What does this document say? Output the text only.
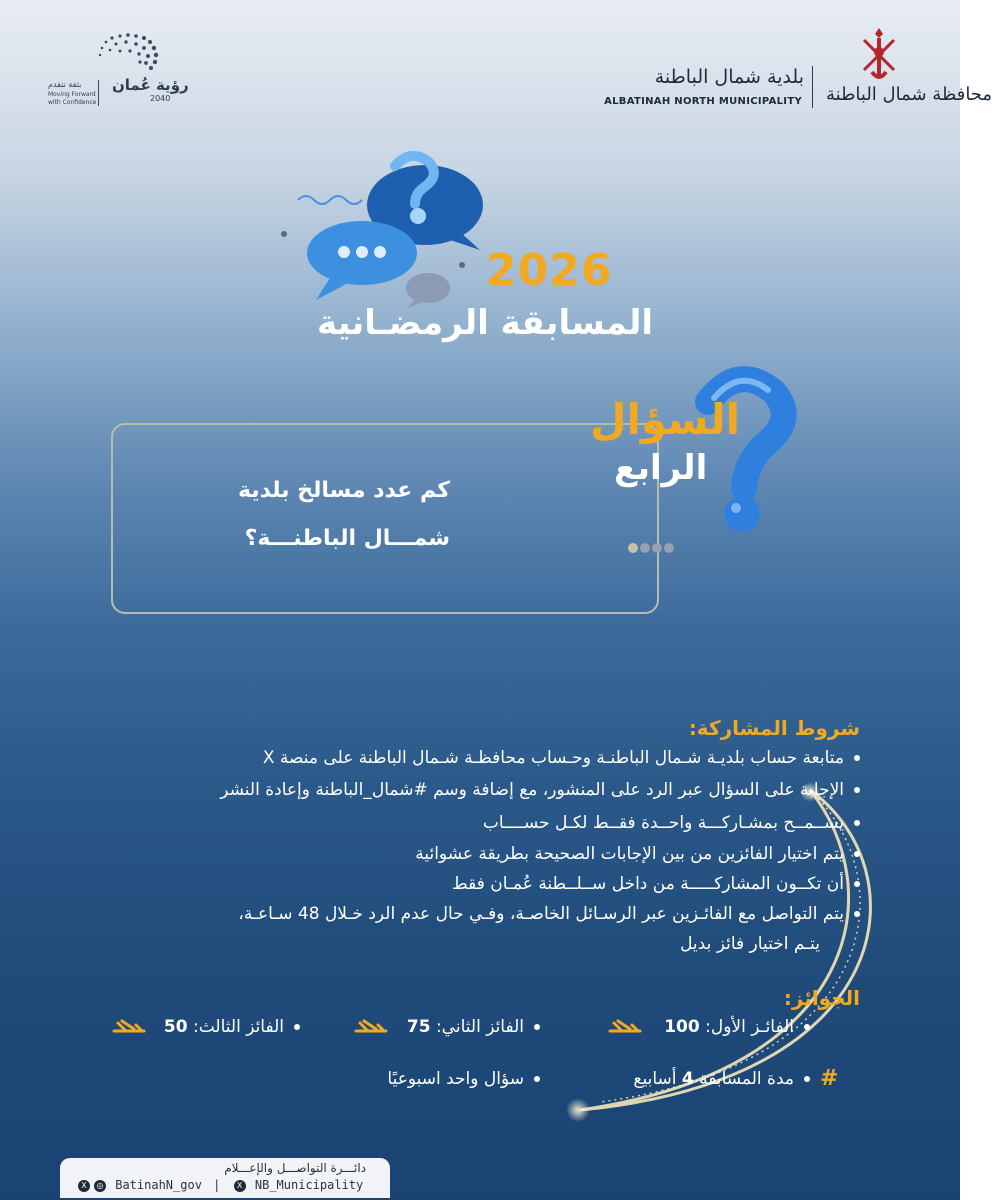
بلدية شمال الباطنة
ALBATINAH NORTH MUNICIPALITY محافظة شمال الباطنة
رؤية عُمان
2040
بثقة نتقدم
Moving Forward
with Confidence
2026
المسابقة الرمضـانية
السؤال
الرابع
كم عدد مسالخ بلدية
شمـــال الباطنـــة؟
شروط المشاركة:
متابعة حساب بلديـة شـمال الباطنـة وحـساب محافظـة شـمال الباطنة على منصة X
الإجابة على السؤال عبر الرد على المنشور، مع إضافة وسم #شمال_الباطنة وإعادة النشر
يســمــح بمشـاركـــة واحــدة فقــط لكـل حســــاب
يتم اختيار الفائزين من بين الإجابات الصحيحة بطريقة عشوائية
أن تكــون المشاركـــــة من داخل ســلــطنة عُمـان فقط
يتم التواصل مع الفائـزين عبر الرسـائل الخاصـة، وفـي حال عدم الرد خـلال 48 سـاعـة،
يتـم اختيار فائز بديل
الجوائز:
الفائـز الأول: 100
الفائز الثاني: 75
الفائز الثالث: 50
#
مدة المسابقة 4 أسابيع
سؤال واحد اسبوعيًا
دائـــرة التواصـــل والإعـــلام
X ◎ BatinahN_gov | X NB_Municipality
